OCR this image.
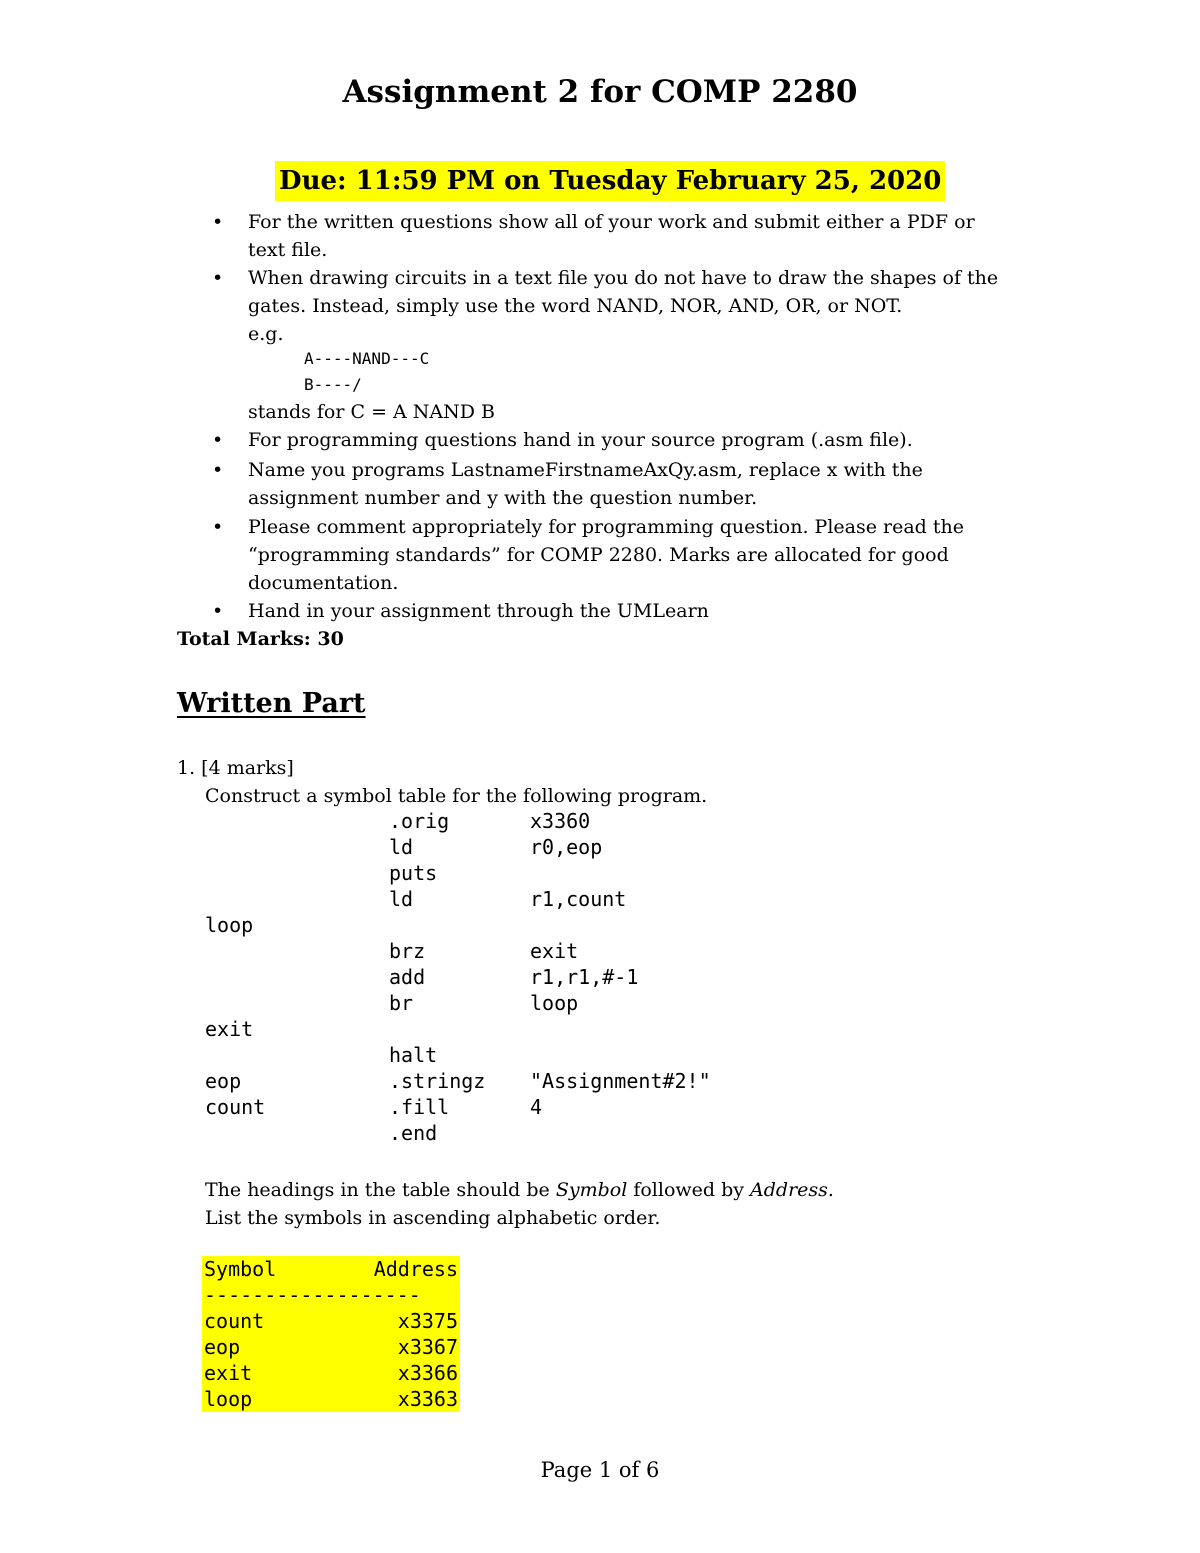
Assignment 2 for COMP 2280

Due: 11:59 PM on Tuesday February 25, 2020

• For the written questions show all of your work and submit either a PDF or
text file.
• When drawing circuits in a text file you do not have to draw the shapes of the
gates. Instead, simply use the word NAND, NOR, AND, OR, or NOT.
e.g.
A----NAND---C
B----/
stands for C = A NAND B
• For programming questions hand in your source program (.asm file).
• Name you programs LastnameFirstnameAxQy.asm, replace x with the
assignment number and y with the question number.
• Please comment appropriately for programming question. Please read the
“programming standards” for COMP 2280. Marks are allocated for good
documentation.
• Hand in your assignment through the UMLearn
Total Marks: 30
Written Part
1. [4 marks]
Construct a symbol table for the following program.
.orig	x3360
ld	r0,eop
puts
ld	r1,count
loop
brz	exit
add	r1,r1,#-1
br	loop
exit
halt
eop	.stringz "Assignment#2!"
count	.fill	4
.end
The headings in the table should be Symbol followed by Address.
List the symbols in ascending alphabetic order.
Symbol	Address
------------------
count	x3375
eop	x3367
exit	x3366
loop	x3363
Page 1 of 6
